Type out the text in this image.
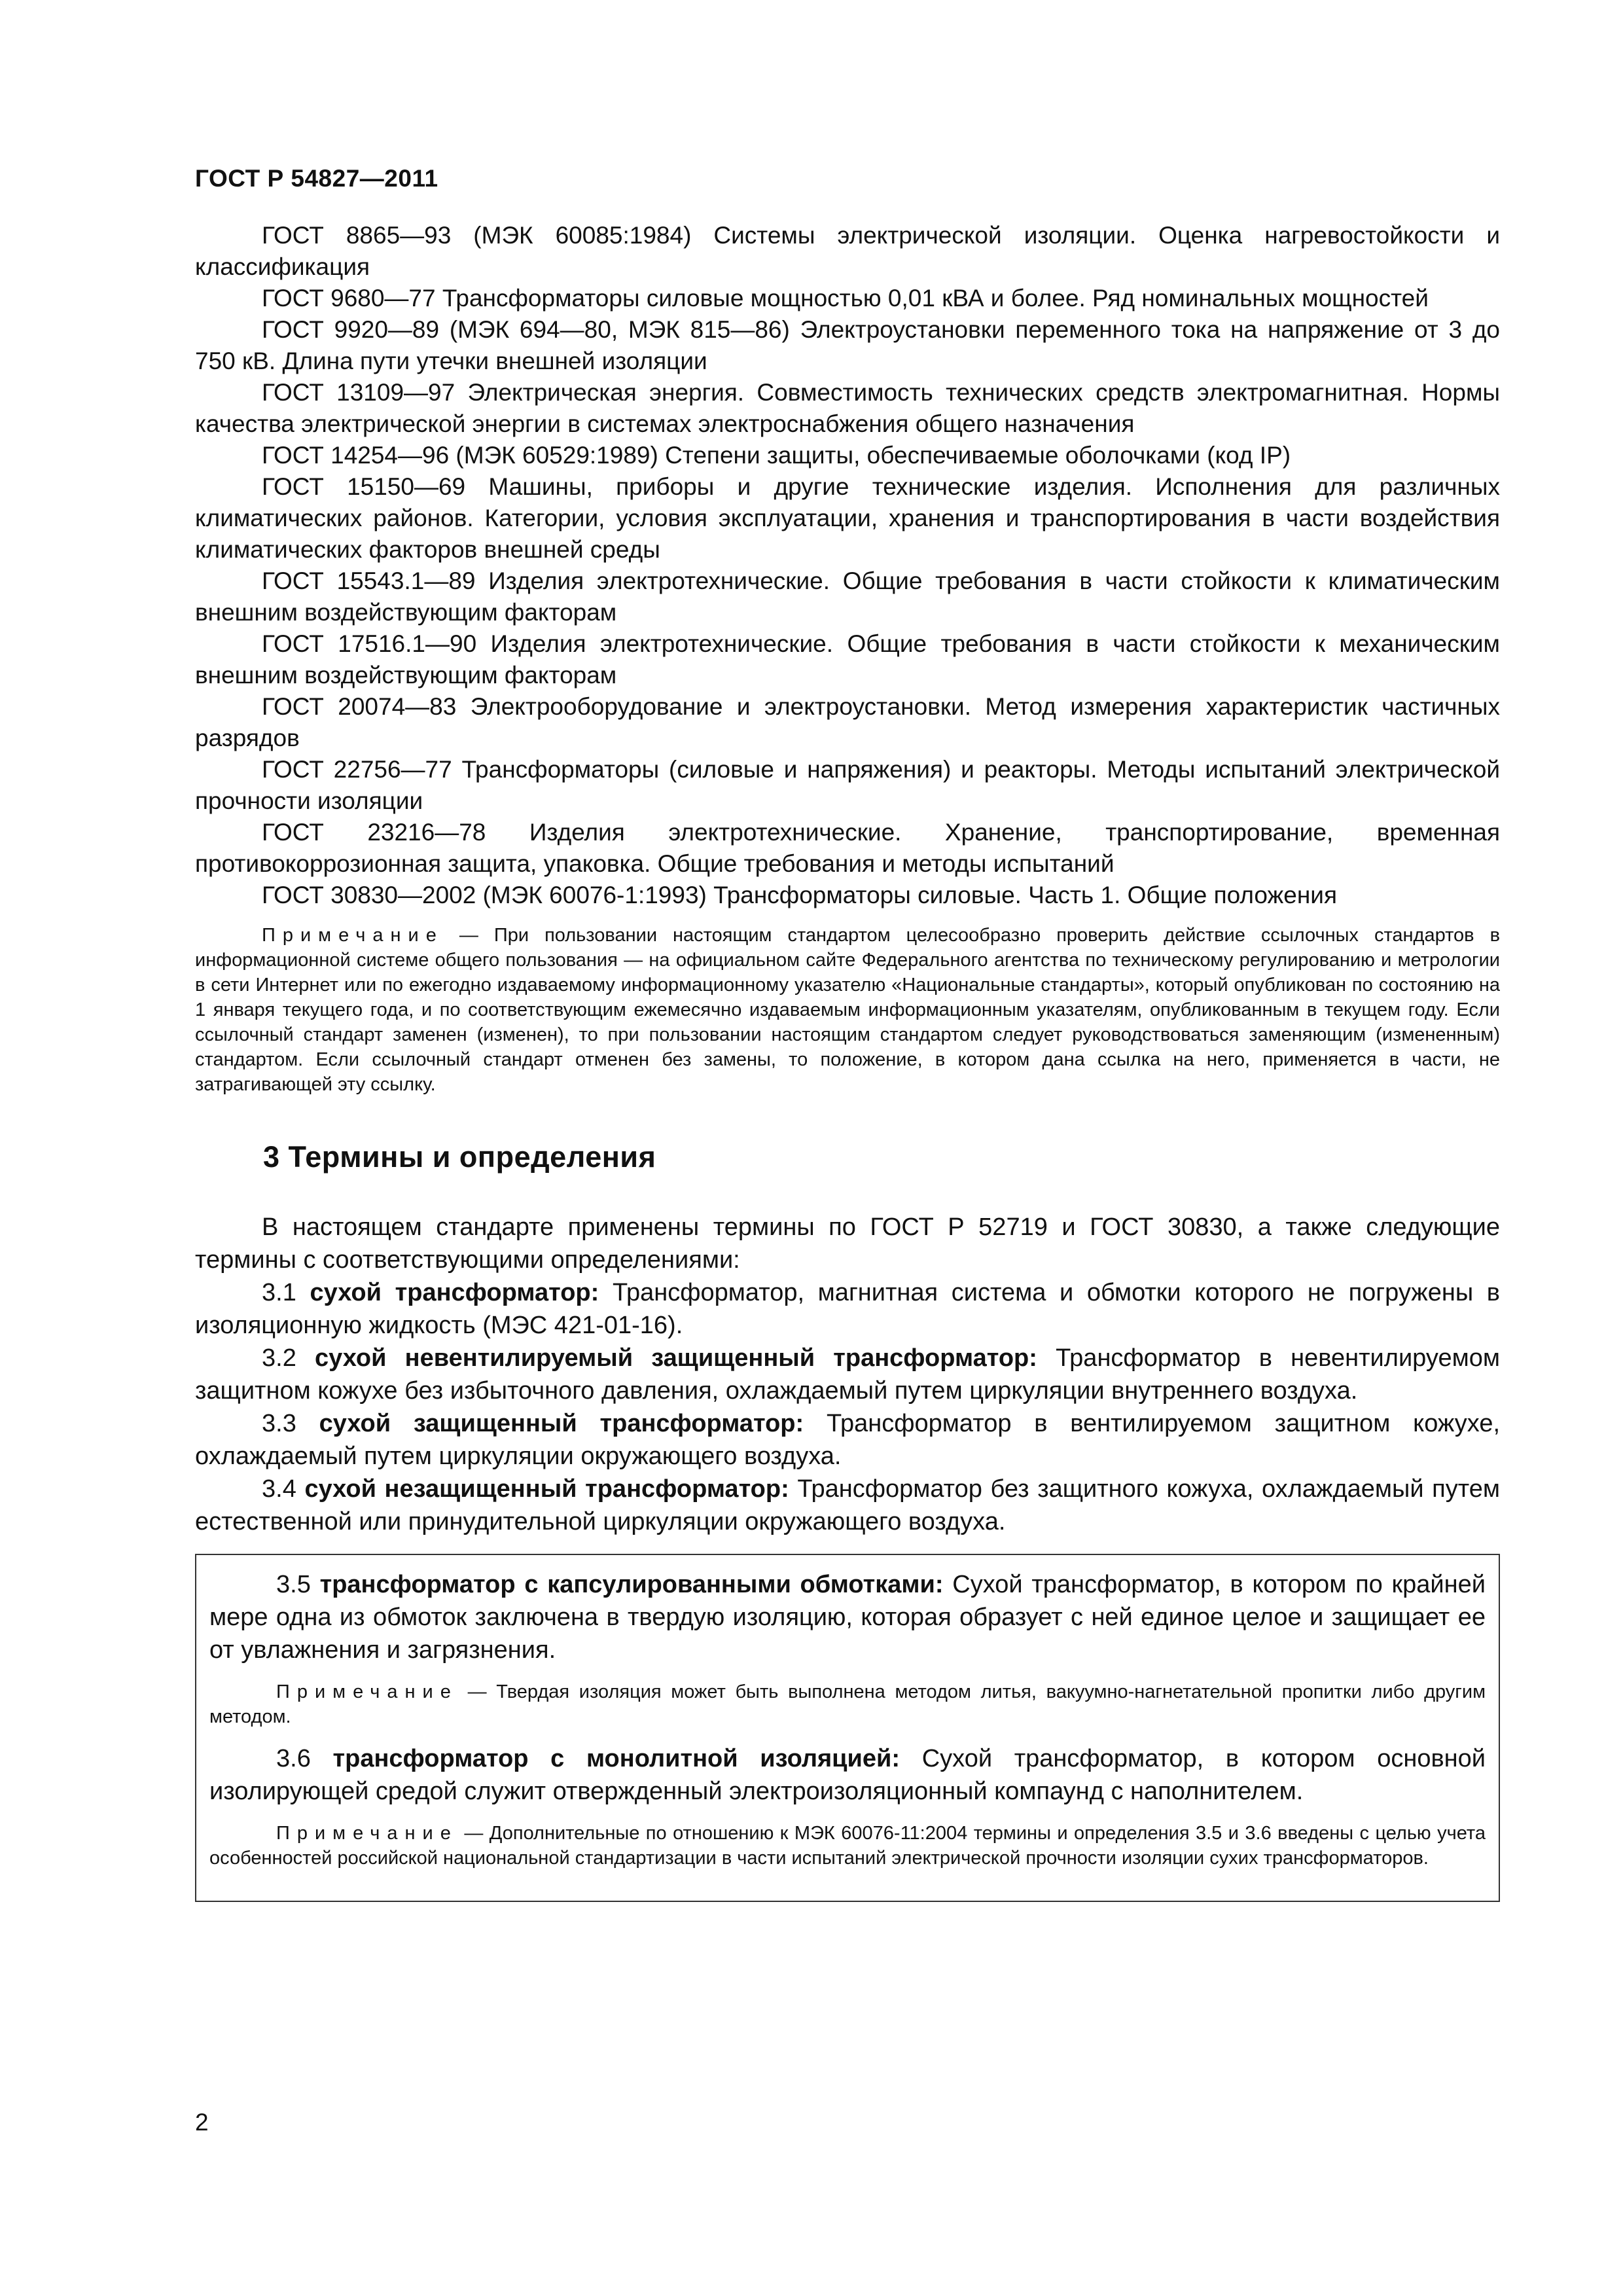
ГОСТ Р 54827—2011

ГОСТ 8865—93 (МЭК 60085:1984) Системы электрической изоляции. Оценка нагревостойкости и классификация

ГОСТ 9680—77 Трансформаторы силовые мощностью 0,01 кВА и более. Ряд номинальных мощностей

ГОСТ 9920—89 (МЭК 694—80, МЭК 815—86) Электроустановки переменного тока на напряжение от 3 до 750 кВ. Длина пути утечки внешней изоляции

ГОСТ 13109—97 Электрическая энергия. Совместимость технических средств электромагнитная. Нормы качества электрической энергии в системах электроснабжения общего назначения

ГОСТ 14254—96 (МЭК 60529:1989) Степени защиты, обеспечиваемые оболочками (код IP)

ГОСТ 15150—69 Машины, приборы и другие технические изделия. Исполнения для различных климатических районов. Категории, условия эксплуатации, хранения и транспортирования в части воздействия климатических факторов внешней среды

ГОСТ 15543.1—89 Изделия электротехнические. Общие требования в части стойкости к климатическим внешним воздействующим факторам

ГОСТ 17516.1—90 Изделия электротехнические. Общие требования в части стойкости к механическим внешним воздействующим факторам

ГОСТ 20074—83 Электрооборудование и электроустановки. Метод измерения характеристик частичных разрядов

ГОСТ 22756—77 Трансформаторы (силовые и напряжения) и реакторы. Методы испытаний электрической прочности изоляции

ГОСТ 23216—78 Изделия электротехнические. Хранение, транспортирование, временная противокоррозионная защита, упаковка. Общие требования и методы испытаний

ГОСТ 30830—2002 (МЭК 60076-1:1993) Трансформаторы силовые. Часть 1. Общие положения

Примечание — При пользовании настоящим стандартом целесообразно проверить действие ссылочных стандартов в информационной системе общего пользования — на официальном сайте Федерального агентства по техническому регулированию и метрологии в сети Интернет или по ежегодно издаваемому информационному указателю «Национальные стандарты», который опубликован по состоянию на 1 января текущего года, и по соответствующим ежемесячно издаваемым информационным указателям, опубликованным в текущем году. Если ссылочный стандарт заменен (изменен), то при пользовании настоящим стандартом следует руководствоваться заменяющим (измененным) стандартом. Если ссылочный стандарт отменен без замены, то положение, в котором дана ссылка на него, применяется в части, не затрагивающей эту ссылку.

3 Термины и определения

В настоящем стандарте применены термины по ГОСТ Р 52719 и ГОСТ 30830, а также следующие термины с соответствующими определениями:

3.1 сухой трансформатор: Трансформатор, магнитная система и обмотки которого не погружены в изоляционную жидкость (МЭС 421-01-16).

3.2 сухой невентилируемый защищенный трансформатор: Трансформатор в невентилируемом защитном кожухе без избыточного давления, охлаждаемый путем циркуляции внутреннего воздуха.

3.3 сухой защищенный трансформатор: Трансформатор в вентилируемом защитном кожухе, охлаждаемый путем циркуляции окружающего воздуха.

3.4 сухой незащищенный трансформатор: Трансформатор без защитного кожуха, охлаждаемый путем естественной или принудительной циркуляции окружающего воздуха.

3.5 трансформатор с капсулированными обмотками: Сухой трансформатор, в котором по крайней мере одна из обмоток заключена в твердую изоляцию, которая образует с ней единое целое и защищает ее от увлажнения и загрязнения.

Примечание — Твердая изоляция может быть выполнена методом литья, вакуумно-нагнетательной пропитки либо другим методом.

3.6 трансформатор с монолитной изоляцией: Сухой трансформатор, в котором основной изолирующей средой служит отвержденный электроизоляционный компаунд с наполнителем.

Примечание — Дополнительные по отношению к МЭК 60076-11:2004 термины и определения 3.5 и 3.6 введены с целью учета особенностей российской национальной стандартизации в части испытаний электрической прочности изоляции сухих трансформаторов.

2
